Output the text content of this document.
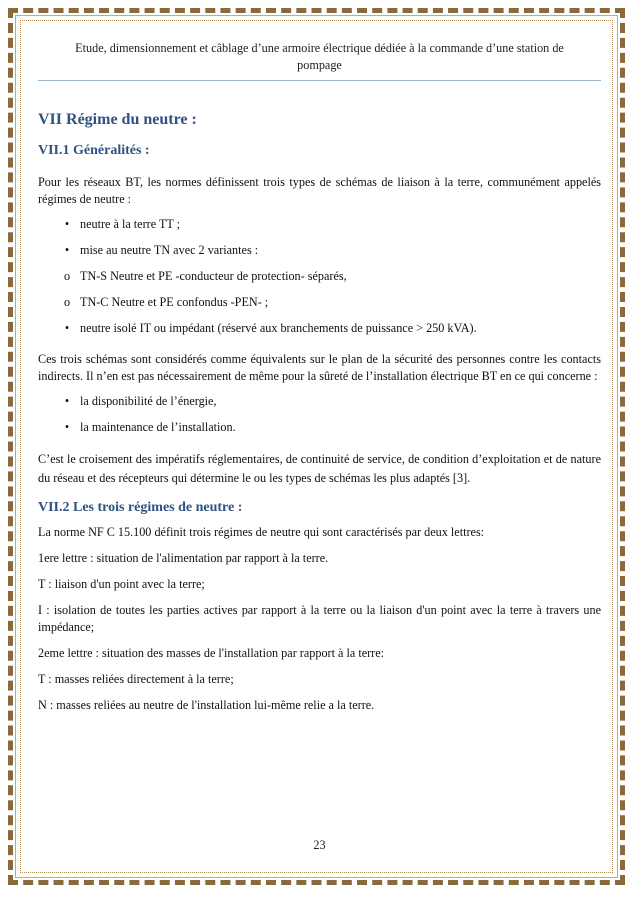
Etude, dimensionnement et câblage d’une armoire électrique dédiée à la commande d’une station de
pompage
VII Régime du neutre :
VII.1 Généralités :

Pour les réseaux BT, les normes définissent trois types de schémas de liaison à la terre, communément appelés régimes de neutre :

• neutre à la terre TT ;
• mise au neutre TN avec 2 variantes :
o TN-S Neutre et PE -conducteur de protection- séparés,
o TN-C Neutre et PE confondus -PEN- ;
• neutre isolé IT ou impédant (réservé aux branchements de puissance > 250 kVA).

Ces trois schémas sont considérés comme équivalents sur le plan de la sécurité des personnes contre les contacts indirects. Il n’en est pas nécessairement de même pour la sûreté de l’installation électrique BT en ce qui concerne :

• la disponibilité de l’énergie,
• la maintenance de l’installation.

C’est le croisement des impératifs réglementaires, de continuité de service, de condition d’exploitation et de nature du réseau et des récepteurs qui détermine le ou les types de schémas les plus adaptés [3].

VII.2 Les trois régimes de neutre :

La norme NF C 15.100 définit trois régimes de neutre qui sont caractérisés par deux lettres:

1ere lettre : situation de l'alimentation par rapport à la terre.

T : liaison d'un point avec la terre;

I : isolation de toutes les parties actives par rapport à la terre ou la liaison d'un point avec la terre à travers une impédance;

2eme lettre : situation des masses de l'installation par rapport à la terre:

T : masses reliées directement à la terre;

N : masses reliées au neutre de l'installation lui-même relie a la terre.

23
